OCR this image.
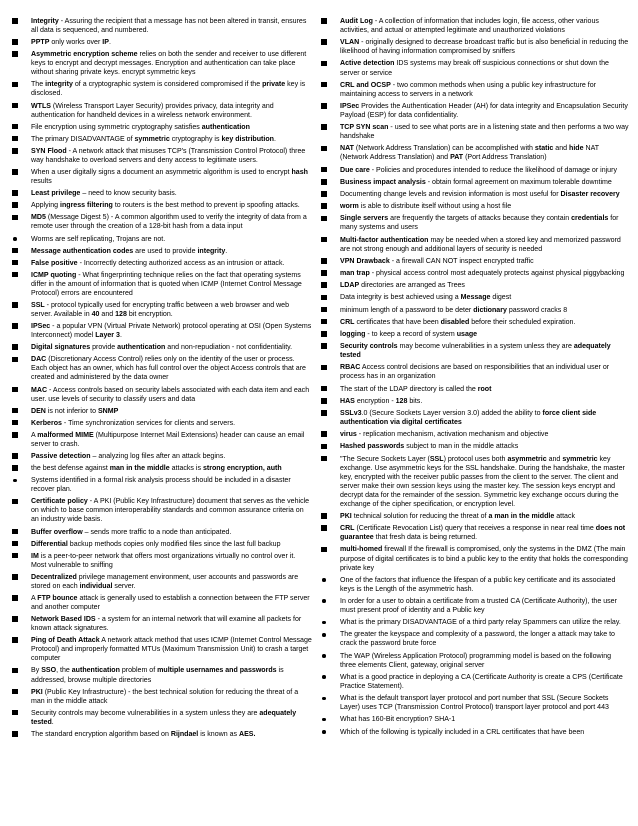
Integrity - Assuring the recipient that a message has not been altered in transit, ensures all data is sequenced, and numbered.
PPTP only works over IP.
Asymmetric encryption scheme relies on both the sender and receiver to use different keys to encrypt and decrypt messages. Encryption and authentication can take place without sharing private keys. encrypt symmetric keys
The integrity of a cryptographic system is considered compromised if the private key is disclosed.
WTLS (Wireless Transport Layer Security) provides privacy, data integrity and authentication for handheld devices in a wireless network environment.
File encryption using symmetric cryptography satisfies authentication
The primary DISADVANTAGE of symmetric cryptography is key distribution.
SYN Flood - A network attack that misuses TCP's (Transmission Control Protocol) three way handshake to overload servers and deny access to legitimate users.
When a user digitally signs a document an asymmetric algorithm is used to encrypt hash results
Least privilege – need to know security basis.
Applying ingress filtering to routers is the best method to prevent ip spoofing attacks.
MD5 (Message Digest 5) - A common algorithm used to verify the integrity of data from a remote user through the creation of a 128-bit hash from a data input
Worms are self replicating, Trojans are not.
Message authentication codes are used to provide integrity.
False positive - Incorrectly detecting authorized access as an intrusion or attack.
ICMP quoting - What fingerprinting technique relies on the fact that operating systems differ in the amount of information that is quoted when ICMP (Internet Control Message Protocol) errors are encountered
SSL - protocol typically used for encrypting traffic between a web browser and web server. Available in 40 and 128 bit encryption.
IPSec - a popular VPN (Virtual Private Network) protocol operating at OSI (Open Systems Interconnect) model Layer 3.
Digital signatures provide authentication and non-repudiation - not confidentiality.
DAC (Discretionary Access Control) relies only on the identity of the user or process. Each object has an owner, which has full control over the object Access controls that are created and administered by the data owner
MAC - Access controls based on security labels associated with each data item and each user. use levels of security to classify users and data
DEN is not inferior to SNMP
Kerberos - Time synchronization services for clients and servers.
A malformed MIME (Multipurpose Internet Mail Extensions) header can cause an email server to crash.
Passive detection – analyzing log files after an attack begins.
the best defense against man in the middle attacks is strong encryption, auth
Systems identified in a formal risk analysis process should be included in a disaster recover plan.
Certificate policy - A PKI (Public Key Infrastructure) document that serves as the vehicle on which to base common interoperability standards and common assurance criteria on an industry wide basis.
Buffer overflow – sends more traffic to a node than anticipated.
Differential backup methods copies only modified files since the last full backup
IM is a peer-to-peer network that offers most organizations virtually no control over it. Most vulnerable to sniffing
Decentralized privilege management environment, user accounts and passwords are stored on each individual server.
A FTP bounce attack is generally used to establish a connection between the FTP server and another computer
Network Based IDS - a system for an internal network that will examine all packets for known attack signatures.
Ping of Death Attack A network attack method that uses ICMP (Internet Control Message Protocol) and improperly formatted MTUs (Maximum Transmission Unit) to crash a target computer
By SSO, the authentication problem of multiple usernames and passwords is addressed, browse multiple directories
PKI (Public Key Infrastructure) - the best technical solution for reducing the threat of a man in the middle attack
Security controls may become vulnerabilities in a system unless they are adequately tested.
The standard encryption algorithm based on Rijndael is known as AES.
Audit Log - A collection of information that includes login, file access, other various activities, and actual or attempted legitimate and unauthorized violations
VLAN - originally designed to decrease broadcast traffic but is also beneficial in reducing the likelihood of having information compromised by sniffers
Active detection IDS systems may break off suspicious connections or shut down the server or service
CRL and OCSP - two common methods when using a public key infrastructure for maintaining access to servers in a network
IPSec Provides the Authentication Header (AH) for data integrity and Encapsulation Security Payload (ESP) for data confidentiality.
TCP SYN scan - used to see what ports are in a listening state and then performs a two way handshake
NAT (Network Address Translation) can be accomplished with static and hide NAT (Network Address Translation) and PAT (Port Address Translation)
Due care - Policies and procedures intended to reduce the likelihood of damage or injury
Business impact analysis - obtain formal agreement on maximum tolerable downtime
Documenting change levels and revision information is most useful for Disaster recovery
worm is able to distribute itself without using a host file
Single servers are frequently the targets of attacks because they contain credentials for many systems and users
Multi-factor authentication may be needed when a stored key and memorized password are not strong enough and additional layers of security is needed
VPN Drawback - a firewall CAN NOT inspect encrypted traffic
man trap - physical access control most adequately protects against physical piggybacking
LDAP directories are arranged as Trees
Data integrity is best achieved using a Message digest
minimum length of a password to be deter dictionary password cracks 8
CRL certificates that have been disabled before their scheduled expiration.
logging - to keep a record of system usage
Security controls may become vulnerabilities in a system unless they are adequately tested
RBAC Access control decisions are based on responsibilities that an individual user or process has in an organization
The start of the LDAP directory is called the root
HAS encryption - 128 bits.
SSLv3.0 (Secure Sockets Layer version 3.0) added the ability to force client side authentication via digital certificates
virus - replication mechanism, activation mechanism and objective
Hashed passwords subject to man in the middle attacks
"The Secure Sockets Layer (SSL) protocol uses both asymmetric and symmetric key exchange. Use asymmetric keys for the SSL handshake. During the handshake, the master key, encrypted with the receiver public passes from the client to the server. The client and server make their own session keys using the master key. The session keys encrypt and decrypt data for the remainder of the session. Symmetric key exchange occurs during the exchange of the cipher specification, or encryption level.
PKI technical solution for reducing the threat of a man in the middle attack
CRL (Certificate Revocation List) query that receives a response in near real time does not guarantee that fresh data is being returned.
multi-homed firewall If the firewall is compromised, only the systems in the DMZ (The main purpose of digital certificates is to bind a public key to the entity that holds the corresponding private key
One of the factors that influence the lifespan of a public key certificate and its associated keys is the Length of the asymmetric hash.
In order for a user to obtain a certificate from a trusted CA (Certificate Authority), the user must present proof of identity and a Public key
What is the primary DISADVANTAGE of a third party relay Spammers can utilize the relay.
The greater the keyspace and complexity of a password, the longer a attack may take to crack the password brute force
The WAP (Wireless Application Protocol) programming model is based on the following three elements Client, gateway, original server
What is a good practice in deploying a CA (Certificate Authority is create a CPS (Certificate Practice Statement).
What is the default transport layer protocol and port number that SSL (Secure Sockets Layer) uses TCP (Transmission Control Protocol) transport layer protocol and port 443
What has 160-Bit encryption? SHA-1
Which of the following is typically included in a CRL certificates that have been
